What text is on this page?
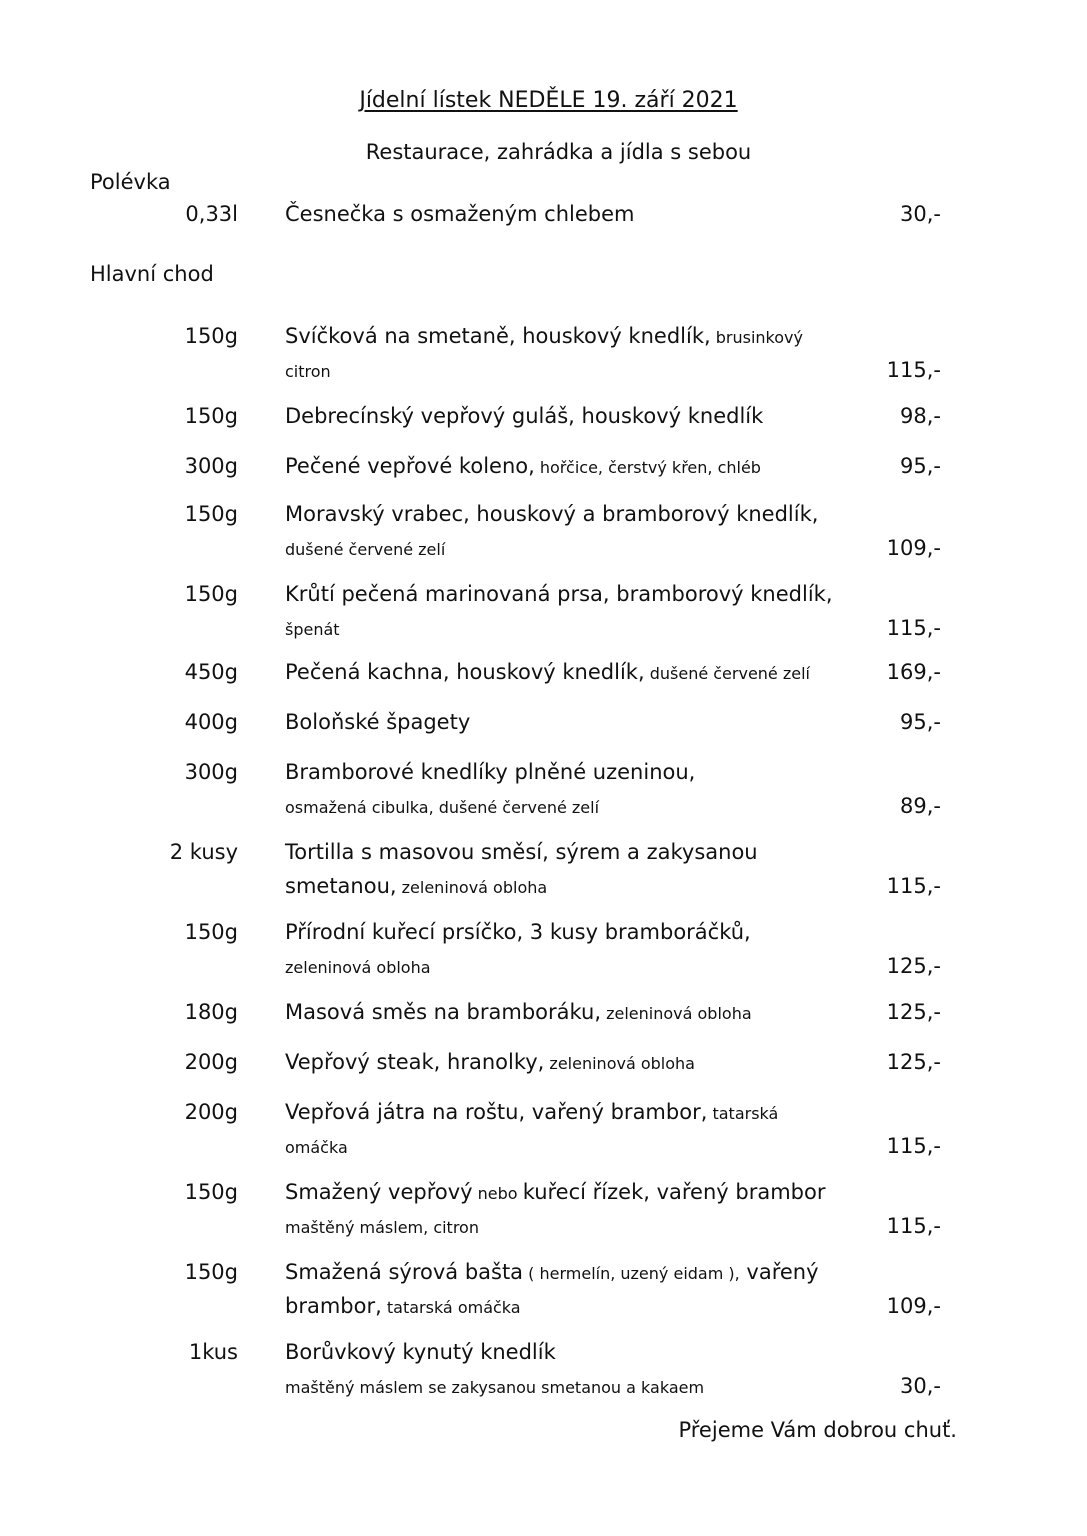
Jídelní lístek NEDĚLE 19. září 2021
Restaurace, zahrádka a jídla s sebou
Polévka
0,33l Česnečka s osmaženým chlebem	30,-
Hlavní chod
150g Svíčková na smetaně, houskový knedlík, brusinkový
citron	115,-
150g Debrecínský vepřový guláš, houskový knedlík	98,-
300g Pečené vepřové koleno, hořčice, čerstvý křen, chléb	95,-
150g Moravský vrabec, houskový a bramborový knedlík,
dušené červené zelí	109,-
150g Krůtí pečená marinovaná prsa, bramborový knedlík,
špenát	115,-
450g Pečená kachna, houskový knedlík, dušené červené zelí	169,-
400g Boloňské špagety	95,-
300g Bramborové knedlíky plněné uzeninou,
osmažená cibulka, dušené červené zelí	89,-
2 kusy Tortilla s masovou směsí, sýrem a zakysanou
smetanou, zeleninová obloha	115,-
150g Přírodní kuřecí prsíčko, 3 kusy bramboráčků,
zeleninová obloha	125,-
180g Masová směs na bramboráku, zeleninová obloha	125,-
200g Vepřový steak, hranolky, zeleninová obloha	125,-
200g Vepřová játra na roštu, vařený brambor, tatarská
omáčka	115,-
150g Smažený vepřový nebo kuřecí řízek, vařený brambor
maštěný máslem, citron	115,-
150g Smažená sýrová bašta ( hermelín, uzený eidam ), vařený
brambor, tatarská omáčka	109,-
1kus Borůvkový kynutý knedlík
maštěný máslem se zakysanou smetanou a kakaem	30,-
Přejeme Vám dobrou chuť.
